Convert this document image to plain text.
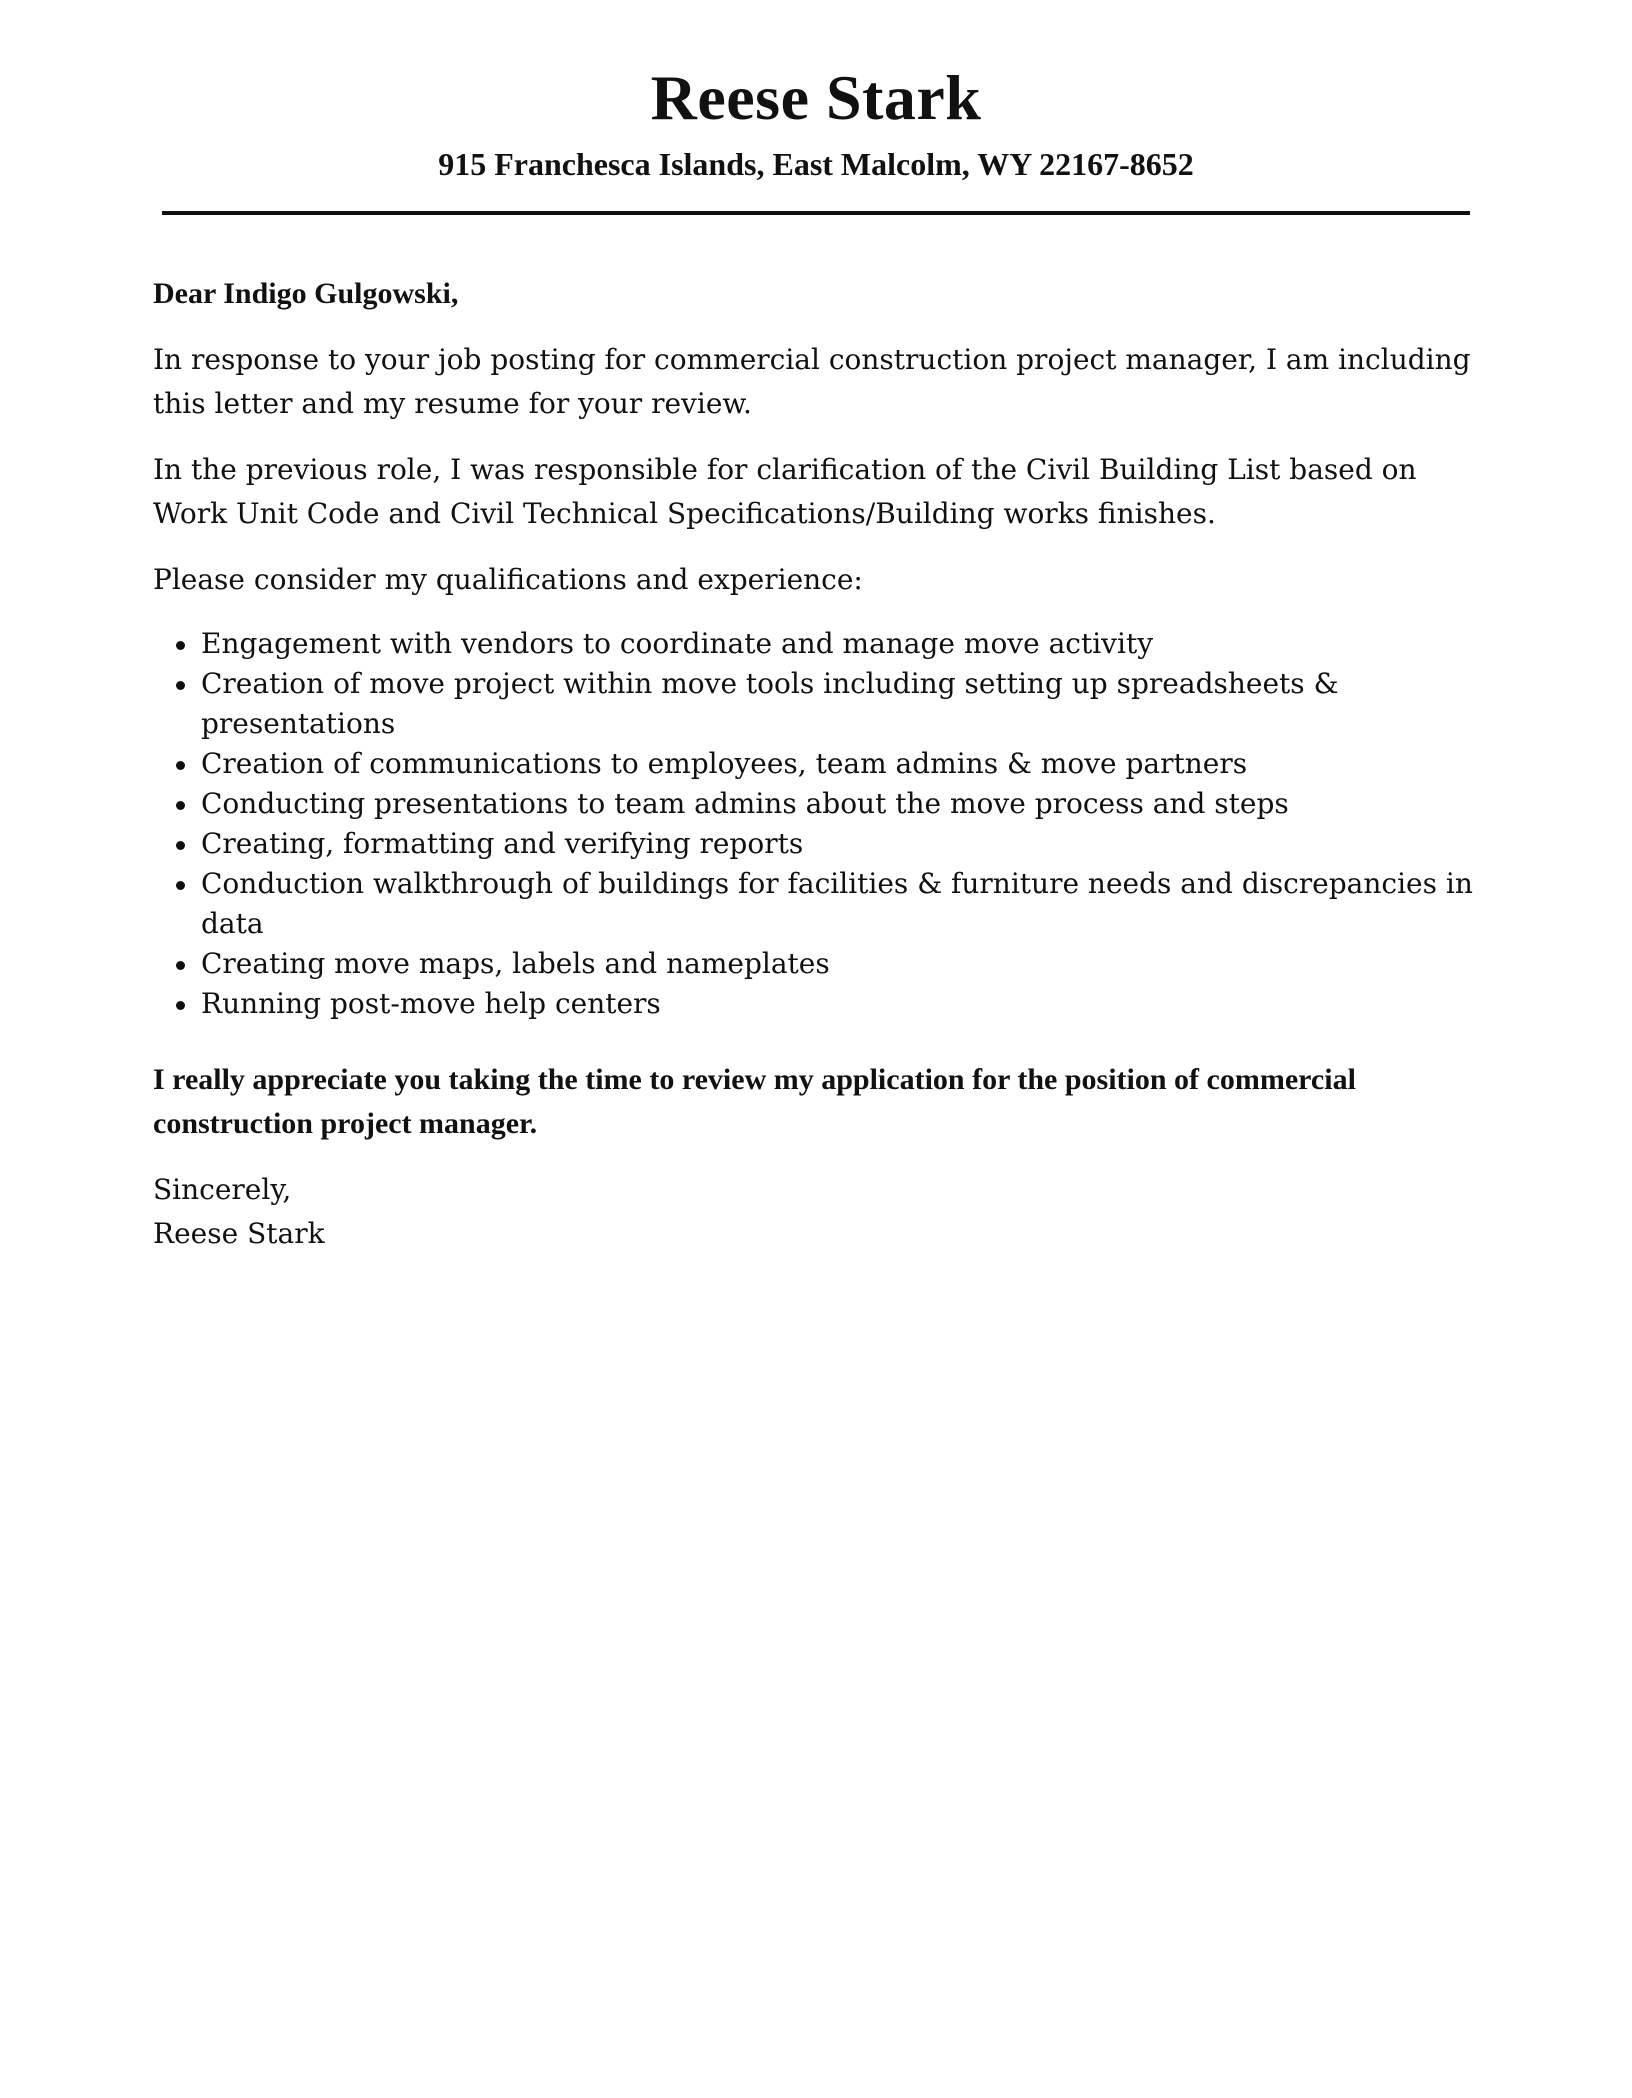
Reese Stark
915 Franchesca Islands, East Malcolm, WY 22167-8652

Dear Indigo Gulgowski,

In response to your job posting for commercial construction project manager, I am including this letter and my resume for your review.

In the previous role, I was responsible for clarification of the Civil Building List based on Work Unit Code and Civil Technical Specifications/Building works finishes.

Please consider my qualifications and experience:

Engagement with vendors to coordinate and manage move activity
Creation of move project within move tools including setting up spreadsheets & presentations
Creation of communications to employees, team admins & move partners
Conducting presentations to team admins about the move process and steps
Creating, formatting and verifying reports
Conduction walkthrough of buildings for facilities & furniture needs and discrepancies in data
Creating move maps, labels and nameplates
Running post-move help centers

I really appreciate you taking the time to review my application for the position of commercial construction project manager.

Sincerely,

Reese Stark
